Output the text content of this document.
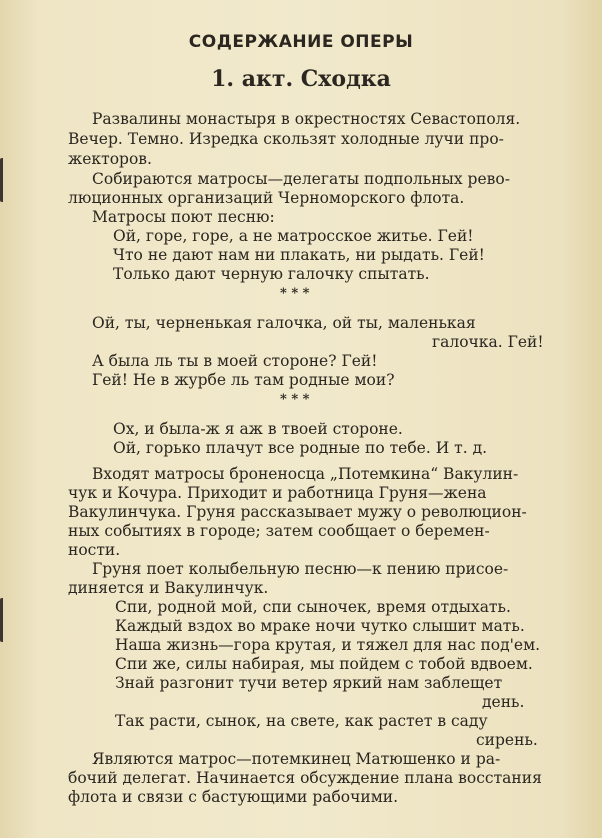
СОДЕРЖАНИЕ ОПЕРЫ
1. акт. Сходка
Развалины монастыря в окрестностях Севастополя.
Вечер. Темно. Изредка скользят холодные лучи про-
жекторов.
Собираются матросы—делегаты подпольных рево-
люционных организаций Черноморского флота.
Матросы поют песню:
Ой, горе, горе, а не матросское житье. Гей!
Что не дают нам ни плакать, ни рыдать. Гей!
Только дают черную галочку спытать.
* * *
Ой, ты, черненькая галочка, ой ты, маленькая
галочка. Гей!
А была ль ты в моей стороне? Гей!
Гей! Не в журбе ль там родные мои?
* * *
Ох, и была-ж я аж в твоей стороне.
Ой, горько плачут все родные по тебе. И т. д.
Входят матросы броненосца „Потемкина“ Вакулин-
чук и Кочура. Приходит и работница Груня—жена
Вакулинчука. Груня рассказывает мужу о революцион-
ных событиях в городе; затем сообщает о беремен-
ности.
Груня поет колыбельную песню—к пению присое-
диняется и Вакулинчук.
Спи, родной мой, спи сыночек, время отдыхать.
Каждый вздох во мраке ночи чутко слышит мать.
Наша жизнь—гора крутая, и тяжел для нас под'ем.
Спи же, силы набирая, мы пойдем с тобой вдвоем.
Знай разгонит тучи ветер яркий нам заблещет
день.
Так расти, сынок, на свете, как растет в саду
сирень.
Являются матрос—потемкинец Матюшенко и ра-
бочий делегат. Начинается обсуждение плана восстания
флота и связи с бастующими рабочими.
